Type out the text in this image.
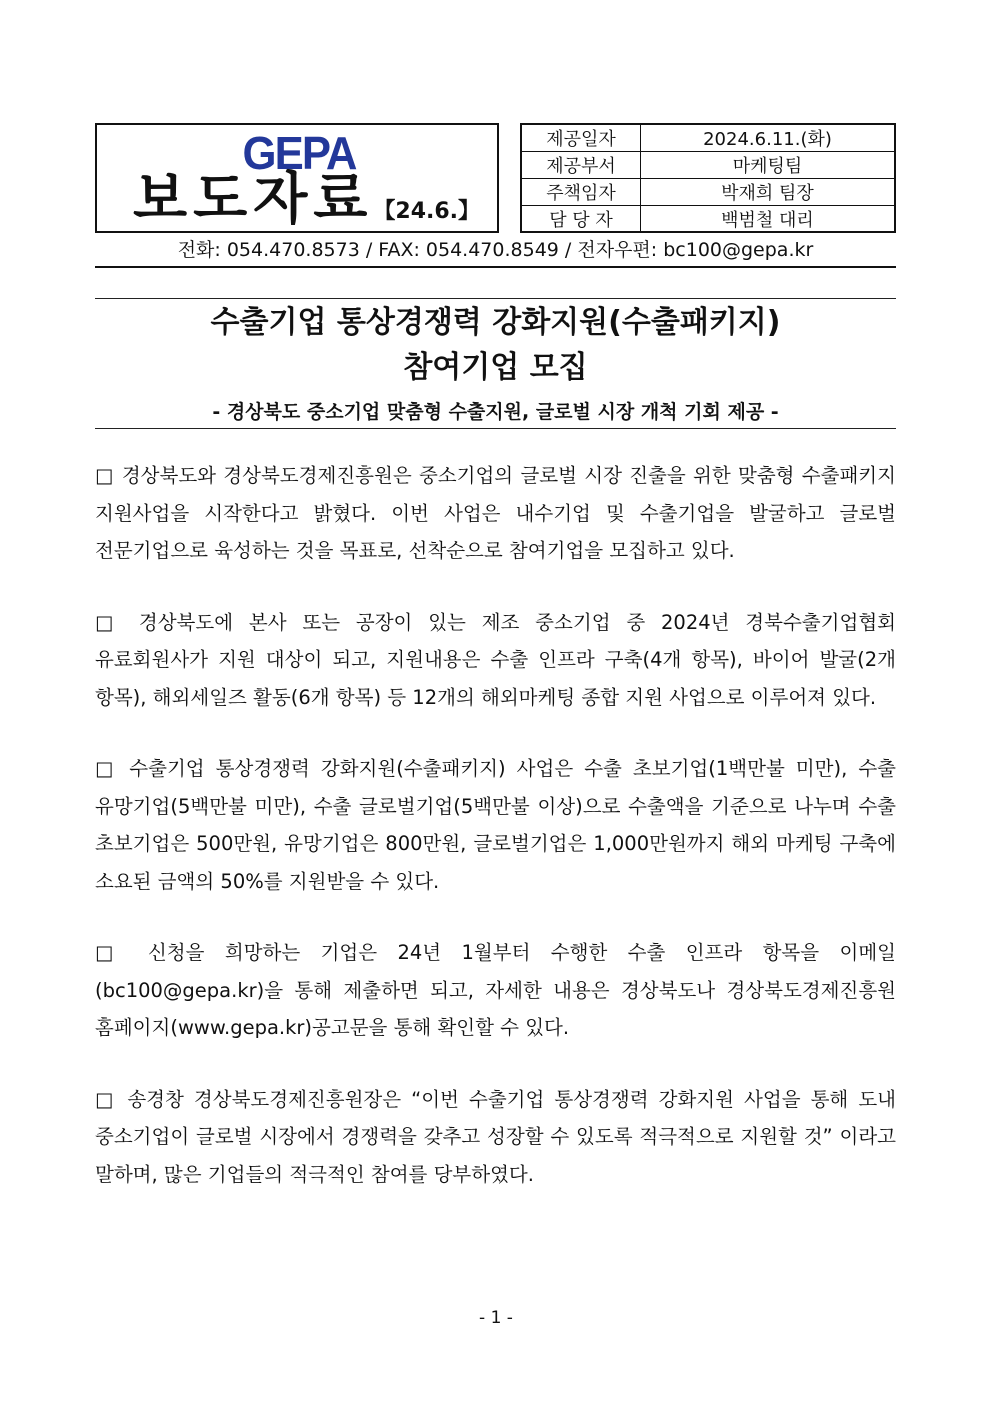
GEPA
보도자료【24.6.】
제공일자	2024.6.11.(화)
제공부서	마케팅팀
주책임자	박재희 팀장
담 당 자	백범철 대리
전화: 054.470.8573 / FAX: 054.470.8549 / 전자우편: bc100@gepa.kr
수출기업 통상경쟁력 강화지원(수출패키지)
참여기업 모집
- 경상북도 중소기업 맞춤형 수출지원, 글로벌 시장 개척 기회 제공 -

□ 경상북도와 경상북도경제진흥원은 중소기업의 글로벌 시장 진출을 위한 맞춤형 수출패키지 지원사업을 시작한다고 밝혔다. 이번 사업은 내수기업 및 수출기업을 발굴하고 글로벌 전문기업으로 육성하는 것을 목표로, 선착순으로 참여기업을 모집하고 있다.

□ 경상북도에 본사 또는 공장이 있는 제조 중소기업 중 2024년 경북수출기업협회 유료회원사가 지원 대상이 되고, 지원내용은 수출 인프라 구축(4개 항목), 바이어 발굴(2개 항목), 해외세일즈 활동(6개 항목) 등 12개의 해외마케팅 종합 지원 사업으로 이루어져 있다.

□ 수출기업 통상경쟁력 강화지원(수출패키지) 사업은 수출 초보기업(1백만불 미만), 수출 유망기업(5백만불 미만), 수출 글로벌기업(5백만불 이상)으로 수출액을 기준으로 나누며 수출 초보기업은 500만원, 유망기업은 800만원, 글로벌기업은 1,000만원까지 해외 마케팅 구축에 소요된 금액의 50%를 지원받을 수 있다.

□ 신청을 희망하는 기업은 24년 1월부터 수행한 수출 인프라 항목을 이메일(bc100@gepa.kr)을 통해 제출하면 되고, 자세한 내용은 경상북도나 경상북도경제진흥원 홈페이지(www.gepa.kr)공고문을 통해 확인할 수 있다.

□ 송경창 경상북도경제진흥원장은 “이번 수출기업 통상경쟁력 강화지원 사업을 통해 도내 중소기업이 글로벌 시장에서 경쟁력을 갖추고 성장할 수 있도록 적극적으로 지원할 것” 이라고 말하며, 많은 기업들의 적극적인 참여를 당부하였다.

- 1 -
